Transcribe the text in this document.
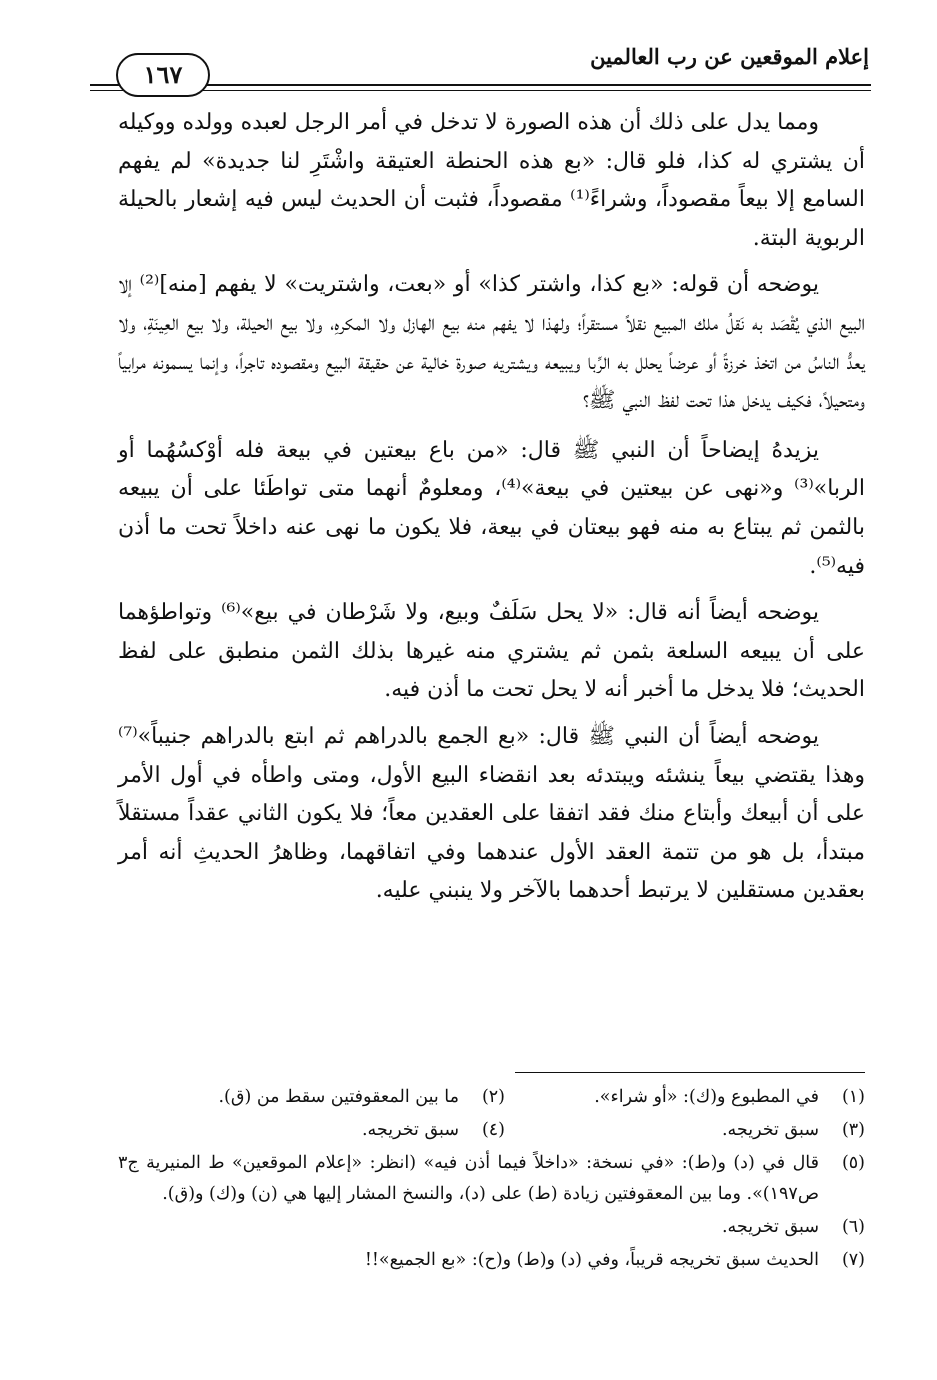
إعلام الموقعين عن رب العالمين
١٦٧

ومما يدل على ذلك أن هذه الصورة لا تدخل في أمر الرجل لعبده وولده ووكيله أن يشتري له كذا، فلو قال: «بع هذه الحنطة العتيقة واشْتَرِ لنا جديدة» لم يفهم السامع إلا بيعاً مقصوداً، وشراءً⁽¹⁾ مقصوداً، فثبت أن الحديث ليس فيه إشعار بالحيلة الربوية البتة.

يوضحه أن قوله: «بع كذا، واشتر كذا» أو «بعت، واشتريت» لا يفهم [منه]⁽²⁾ إلا البيع الذي يُقْصَد به نَقلُ ملك المبيع نقلاً مستقراً؛ ولهذا لا يفهم منه بيع الهازل ولا المكرهِ، ولا بيع الحيلة، ولا بيع العِينَةِ، ولا يعدُّ الناسُ من اتخذ خرزةً أو عرضاً يحلل به الرِّبا ويبيعه ويشتريه صورة خالية عن حقيقة البيع ومقصوده تاجراً، وإنما يسمونه مرابياً ومتحيلاً، فكيف يدخل هذا تحت لفظ النبي ﷺ؟

يزيدهُ إيضاحاً أن النبي ﷺ قال: «من باع بيعتين في بيعة فله أوْكسُهُما أو الربا»⁽³⁾ و«نهى عن بيعتين في بيعة»⁽⁴⁾، ومعلومٌ أنهما متى تواطَئا على أن يبيعه بالثمن ثم يبتاع به منه فهو بيعتان في بيعة، فلا يكون ما نهى عنه داخلاً تحت ما أذن فيه⁽⁵⁾.

يوضحه أيضاً أنه قال: «لا يحل سَلَفٌ وبيع، ولا شَرْطان في بيع»⁽⁶⁾ وتواطؤهما على أن يبيعه السلعة بثمن ثم يشتري منه غيرها بذلك الثمن منطبق على لفظ الحديث؛ فلا يدخل ما أخبر أنه لا يحل تحت ما أذن فيه.

يوضحه أيضاً أن النبي ﷺ قال: «بع الجمع بالدراهم ثم ابتع بالدراهم جنيباً»⁽⁷⁾ وهذا يقتضي بيعاً ينشئه ويبتدئه بعد انقضاء البيع الأول، ومتى واطأه في أول الأمر على أن أبيعك وأبتاع منك فقد اتفقا على العقدين معاً؛ فلا يكون الثاني عقداً مستقلاً مبتدأ، بل هو من تتمة العقد الأول عندهما وفي اتفاقهما، وظاهرُ الحديثِ أنه أمر بعقدين مستقلين لا يرتبط أحدهما بالآخر ولا ينبني عليه.

(١)
في المطبوع و(ك): «أو شراء».
(٢)
ما بين المعقوفتين سقط من (ق).
(٣)
سبق تخريجه.
(٤)
سبق تخريجه.
(٥)
قال في (د) و(ط): «في نسخة: «داخلاً فيما أذن فيه» (انظر: «إعلام الموقعين» ط المنيرية ج٣ ص١٩٧)». وما بين المعقوفتين زيادة (ط) على (د)، والنسخ المشار إليها هي (ن) و(ك) و(ق).
(٦)
سبق تخريجه.
(٧)
الحديث سبق تخريجه قريباً، وفي (د) و(ط) و(ح): «بع الجميع»!!
